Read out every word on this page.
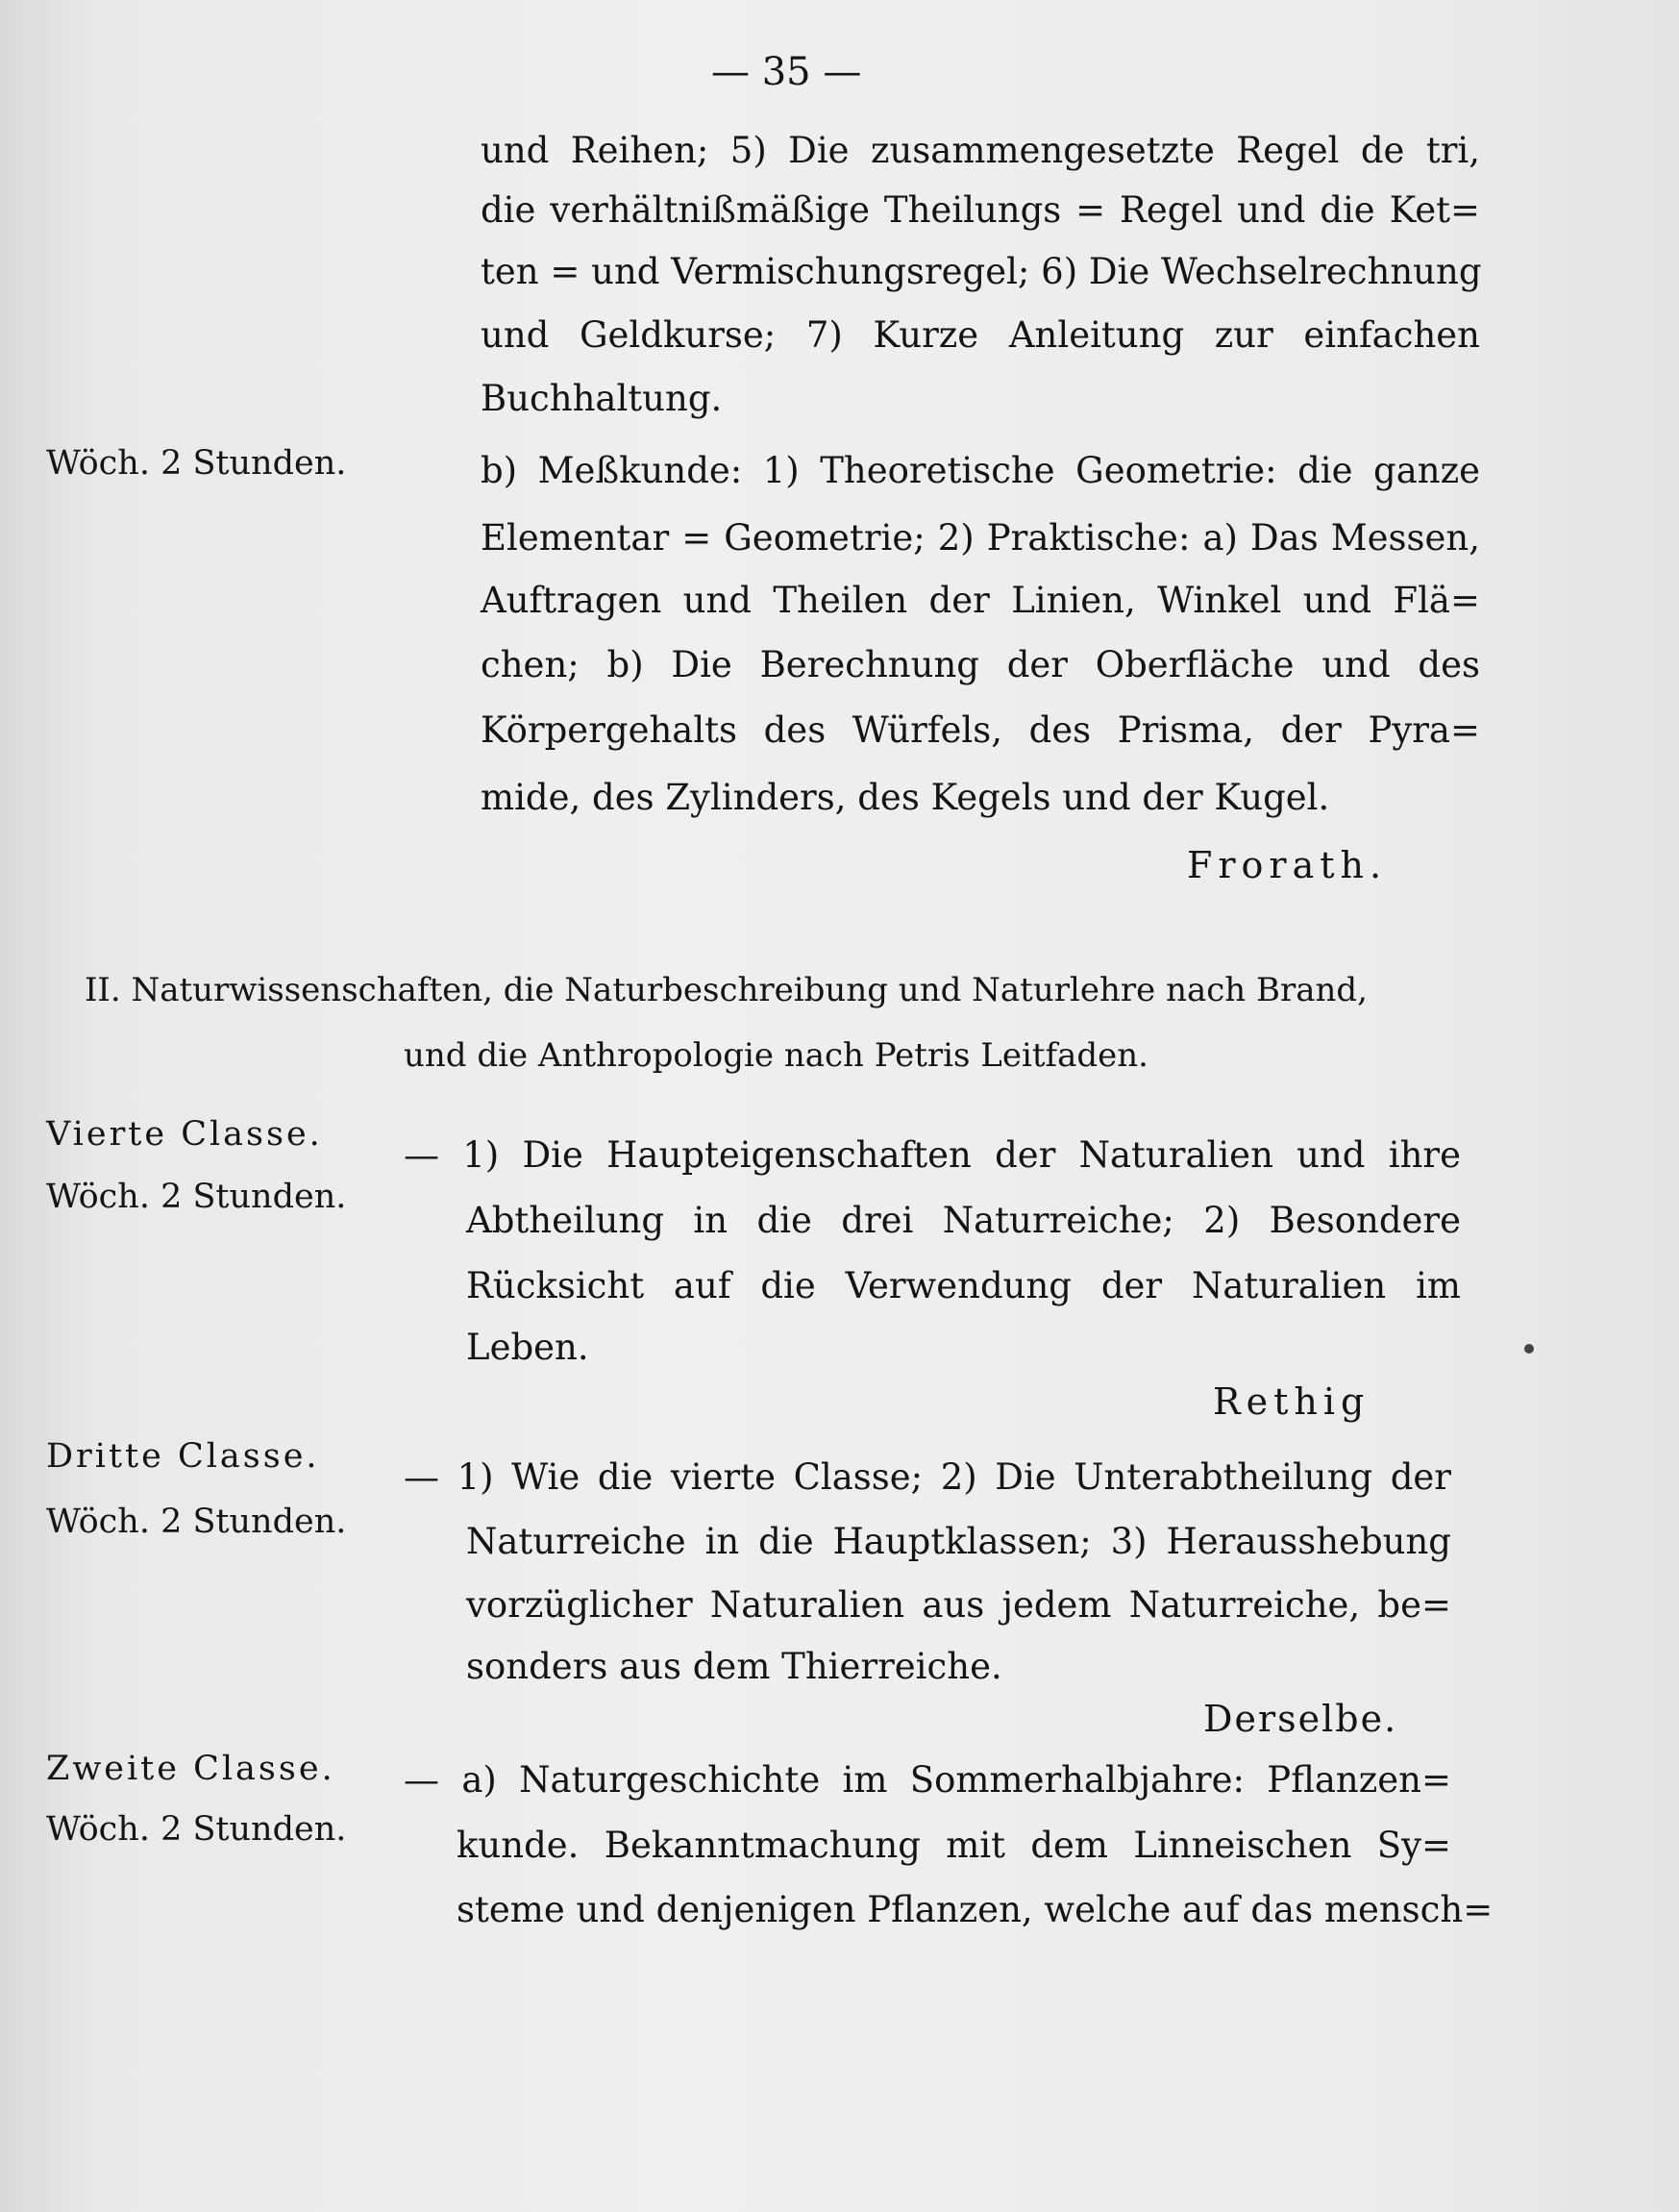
— 35 —
und Reihen; 5) Die zusammengesetzte Regel de tri,
die verhältnißmäßige Theilungs = Regel und die Ket=
ten = und Vermischungsregel; 6) Die Wechselrechnung
und Geldkurse; 7) Kurze Anleitung zur einfachen
Buchhaltung.
Wöch. 2 Stunden.	b) Meßkunde: 1) Theoretische Geometrie: die ganze
Elementar = Geometrie; 2) Praktische: a) Das Messen,
Auftragen und Theilen der Linien, Winkel und Flä=
chen; b) Die Berechnung der Oberfläche und des
Körpergehalts des Würfels, des Prisma, der Pyra=
mide, des Zylinders, des Kegels und der Kugel.
Frorath.
II. Naturwissenschaften, die Naturbeschreibung und Naturlehre nach Brand,
und die Anthropologie nach Petris Leitfaden.
Vierte Classe.
Wöch. 2 Stunden.
— 1) Die Haupteigenschaften der Naturalien und ihre
Abtheilung in die drei Naturreiche; 2) Besondere
Rücksicht auf die Verwendung der Naturalien im
Leben.
Rethig
Dritte Classe.
Wöch. 2 Stunden.
— 1) Wie die vierte Classe; 2) Die Unterabtheilung der
Naturreiche in die Hauptklassen; 3) Herausshebung
vorzüglicher Naturalien aus jedem Naturreiche, be=
sonders aus dem Thierreiche.
Derselbe.
Zweite Classe.
Wöch. 2 Stunden.
— a) Naturgeschichte im Sommerhalbjahre: Pflanzen=
kunde. Bekanntmachung mit dem Linneischen Sy=
steme und denjenigen Pflanzen, welche auf das mensch=
